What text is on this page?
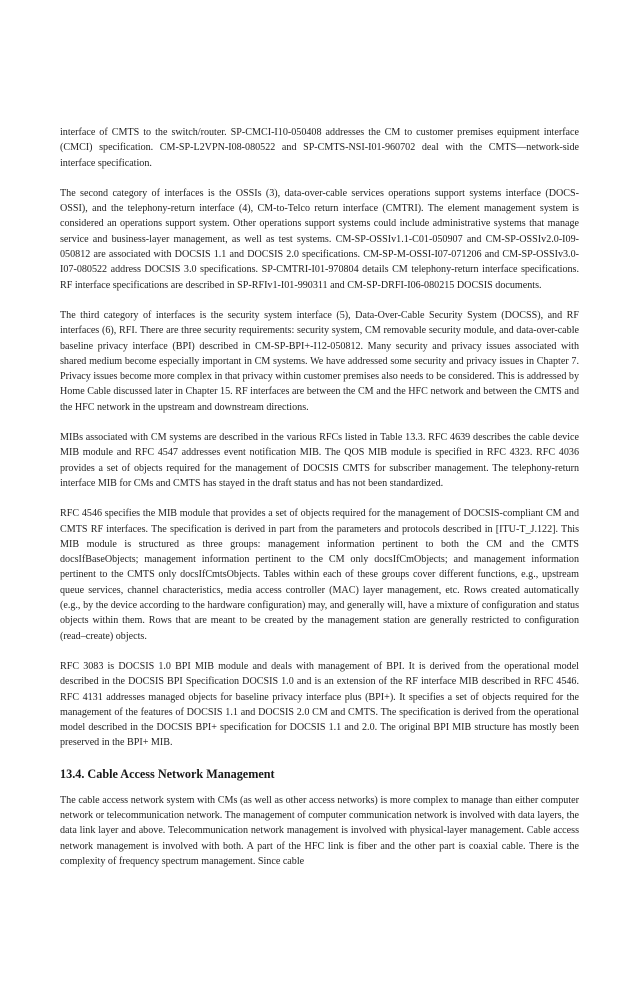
interface of CMTS to the switch/router. SP-CMCI-I10-050408 addresses the CM to customer premises equipment interface (CMCI) specification. CM-SP-L2VPN-I08-080522 and SP-CMTS-NSI-I01-960702 deal with the CMTS—network-side interface specification.

The second category of interfaces is the OSSIs (3), data-over-cable services operations support systems interface (DOCS-OSSI), and the telephony-return interface (4), CM-to-Telco return interface (CMTRI). The element management system is considered an operations support system. Other operations support systems could include administrative systems that manage service and business-layer management, as well as test systems. CM-SP-OSSIv1.1-C01-050907 and CM-SP-OSSIv2.0-I09-050812 are associated with DOCSIS 1.1 and DOCSIS 2.0 specifications. CM-SP-M-OSSI-I07-071206 and CM-SP-OSSIv3.0-I07-080522 address DOCSIS 3.0 specifications. SP-CMTRI-I01-970804 details CM telephony-return interface specifications. RF interface specifications are described in SP-RFIv1-I01-990311 and CM-SP-DRFI-I06-080215 DOCSIS documents.

The third category of interfaces is the security system interface (5), Data-Over-Cable Security System (DOCSS), and RF interfaces (6), RFI. There are three security requirements: security system, CM removable security module, and data-over-cable baseline privacy interface (BPI) described in CM-SP-BPI+-I12-050812. Many security and privacy issues associated with shared medium become especially important in CM systems. We have addressed some security and privacy issues in Chapter 7. Privacy issues become more complex in that privacy within customer premises also needs to be considered. This is addressed by Home Cable discussed later in Chapter 15. RF interfaces are between the CM and the HFC network and between the CMTS and the HFC network in the upstream and downstream directions.

MIBs associated with CM systems are described in the various RFCs listed in Table 13.3. RFC 4639 describes the cable device MIB module and RFC 4547 addresses event notification MIB. The QOS MIB module is specified in RFC 4323. RFC 4036 provides a set of objects required for the management of DOCSIS CMTS for subscriber management. The telephony-return interface MIB for CMs and CMTS has stayed in the draft status and has not been standardized.

RFC 4546 specifies the MIB module that provides a set of objects required for the management of DOCSIS-compliant CM and CMTS RF interfaces. The specification is derived in part from the parameters and protocols described in [ITU-T_J.122]. This MIB module is structured as three groups: management information pertinent to both the CM and the CMTS docsIfBaseObjects; management information pertinent to the CM only docsIfCmObjects; and management information pertinent to the CMTS only docsIfCmtsObjects. Tables within each of these groups cover different functions, e.g., upstream queue services, channel characteristics, media access controller (MAC) layer management, etc. Rows created automatically (e.g., by the device according to the hardware configuration) may, and generally will, have a mixture of configuration and status objects within them. Rows that are meant to be created by the management station are generally restricted to configuration (read–create) objects.

RFC 3083 is DOCSIS 1.0 BPI MIB module and deals with management of BPI. It is derived from the operational model described in the DOCSIS BPI Specification DOCSIS 1.0 and is an extension of the RF interface MIB described in RFC 4546. RFC 4131 addresses managed objects for baseline privacy interface plus (BPI+). It specifies a set of objects required for the management of the features of DOCSIS 1.1 and DOCSIS 2.0 CM and CMTS. The specification is derived from the operational model described in the DOCSIS BPI+ specification for DOCSIS 1.1 and 2.0. The original BPI MIB structure has mostly been preserved in the BPI+ MIB.

13.4. Cable Access Network Management

The cable access network system with CMs (as well as other access networks) is more complex to manage than either computer network or telecommunication network. The management of computer communication network is involved with data layers, the data link layer and above. Telecommunication network management is involved with physical-layer management. Cable access network management is involved with both. A part of the HFC link is fiber and the other part is coaxial cable. There is the complexity of frequency spectrum management. Since cable
